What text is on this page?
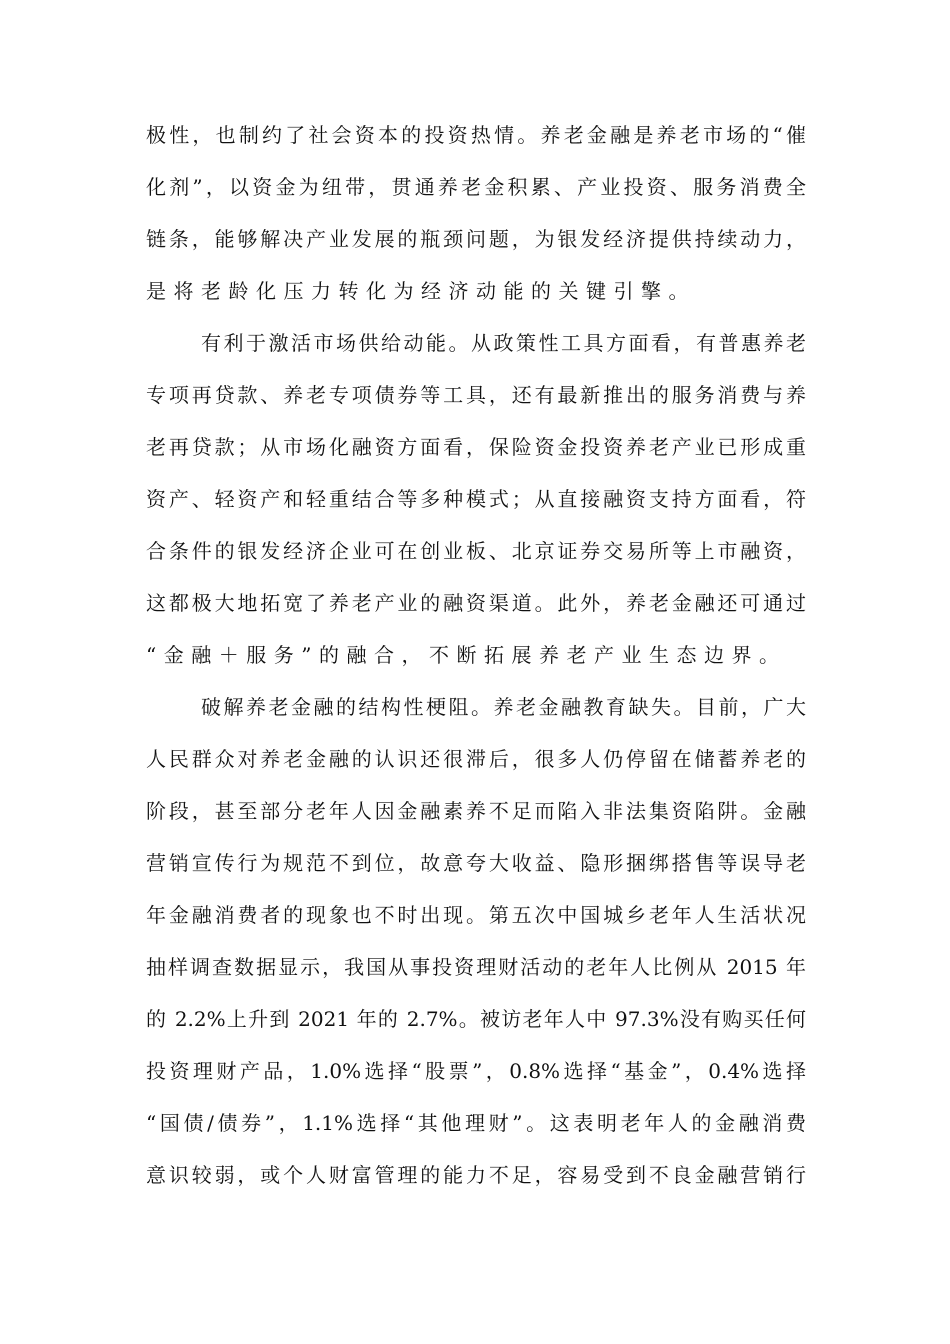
极性，也制约了社会资本的投资热情。养老金融是养老市场的“催
化剂”，以资金为纽带，贯通养老金积累、产业投资、服务消费全
链条，能够解决产业发展的瓶颈问题，为银发经济提供持续动力，
是将老龄化压力转化为经济动能的关键引擎。
有利于激活市场供给动能。从政策性工具方面看，有普惠养老
专项再贷款、养老专项债券等工具，还有最新推出的服务消费与养
老再贷款；从市场化融资方面看，保险资金投资养老产业已形成重
资产、轻资产和轻重结合等多种模式；从直接融资支持方面看，符
合条件的银发经济企业可在创业板、北京证券交易所等上市融资，
这都极大地拓宽了养老产业的融资渠道。此外，养老金融还可通过
“金融＋服务”的融合，不断拓展养老产业生态边界。
破解养老金融的结构性梗阻。养老金融教育缺失。目前，广大
人民群众对养老金融的认识还很滞后，很多人仍停留在储蓄养老的
阶段，甚至部分老年人因金融素养不足而陷入非法集资陷阱。金融
营销宣传行为规范不到位，故意夸大收益、隐形捆绑搭售等误导老
年金融消费者的现象也不时出现。第五次中国城乡老年人生活状况
抽样调查数据显示，我国从事投资理财活动的老年人比例从 2015 年
的 2.2%上升到 2021 年的 2.7%。被访老年人中 97.3%没有购买任何
投资理财产品，1.0%选择“股票”，0.8%选择“基金”，0.4%选择
“国债/债券”，1.1%选择“其他理财”。这表明老年人的金融消费
意识较弱，或个人财富管理的能力不足，容易受到不良金融营销行
